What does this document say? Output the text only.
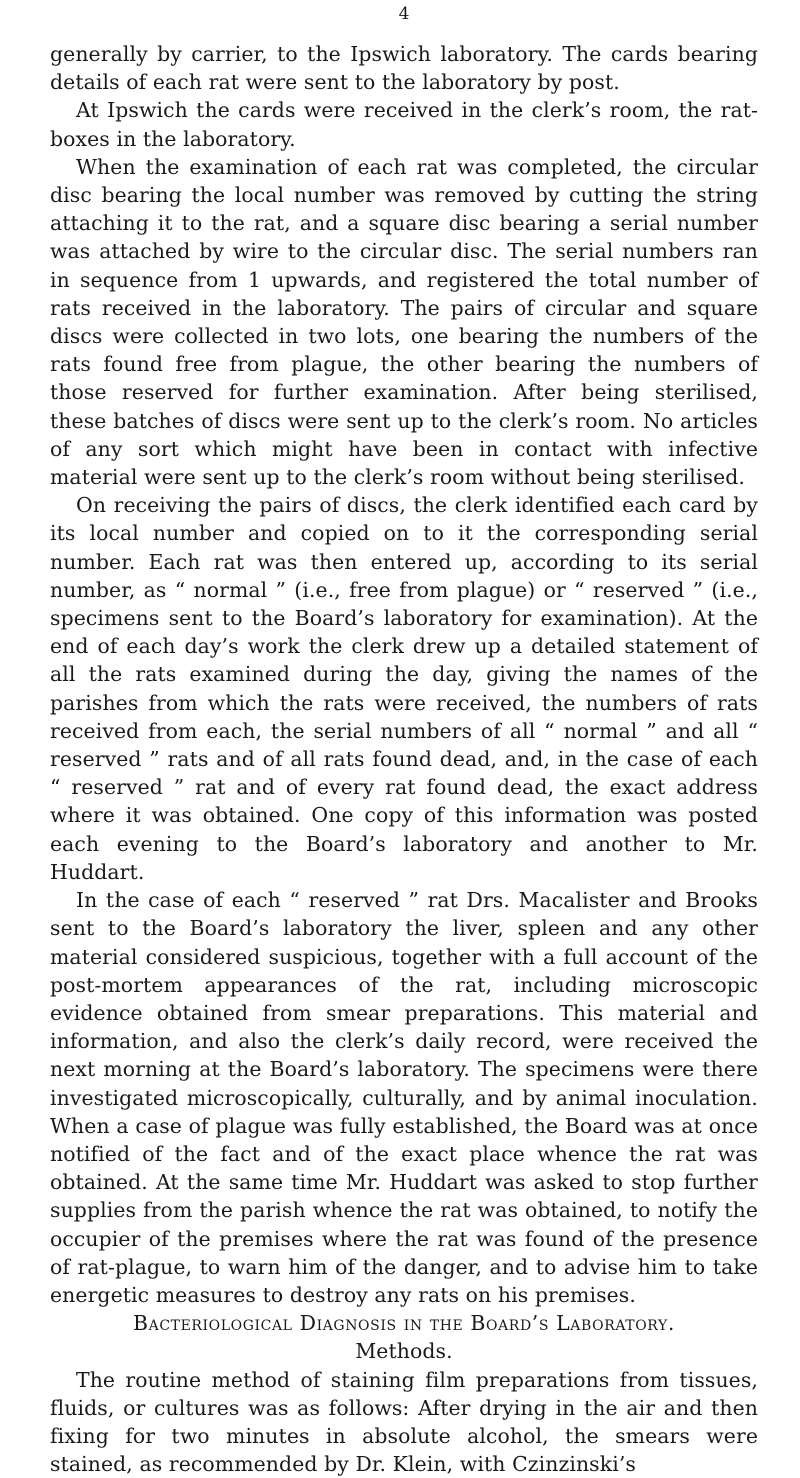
4

generally by carrier, to the Ipswich laboratory. The cards bearing details of each rat were sent to the laboratory by post.

At Ipswich the cards were received in the clerk’s room, the rat-boxes in the laboratory.

When the examination of each rat was completed, the circular disc bearing the local number was removed by cutting the string attaching it to the rat, and a square disc bearing a serial number was attached by wire to the circular disc. The serial numbers ran in sequence from 1 upwards, and registered the total number of rats received in the laboratory. The pairs of circular and square discs were collected in two lots, one bearing the numbers of the rats found free from plague, the other bearing the numbers of those reserved for further examination. After being sterilised, these batches of discs were sent up to the clerk’s room. No articles of any sort which might have been in contact with infective material were sent up to the clerk’s room without being sterilised.

On receiving the pairs of discs, the clerk identified each card by its local number and copied on to it the corresponding serial number. Each rat was then entered up, according to its serial number, as “ normal ” (i.e., free from plague) or “ reserved ” (i.e., specimens sent to the Board’s laboratory for examination). At the end of each day’s work the clerk drew up a detailed statement of all the rats examined during the day, giving the names of the parishes from which the rats were received, the numbers of rats received from each, the serial numbers of all “ normal ” and all “ reserved ” rats and of all rats found dead, and, in the case of each “ reserved ” rat and of every rat found dead, the exact address where it was obtained. One copy of this information was posted each evening to the Board’s laboratory and another to Mr. Huddart.

In the case of each “ reserved ” rat Drs. Macalister and Brooks sent to the Board’s laboratory the liver, spleen and any other material considered suspicious, together with a full account of the post-mortem appearances of the rat, including microscopic evidence obtained from smear preparations. This material and information, and also the clerk’s daily record, were received the next morning at the Board’s laboratory. The specimens were there investigated microscopically, culturally, and by animal inoculation. When a case of plague was fully established, the Board was at once notified of the fact and of the exact place whence the rat was obtained. At the same time Mr. Huddart was asked to stop further supplies from the parish whence the rat was obtained, to notify the occupier of the premises where the rat was found of the presence of rat-plague, to warn him of the danger, and to advise him to take energetic measures to destroy any rats on his premises.

Bacteriological Diagnosis in the Board’s Laboratory.

Methods.

The routine method of staining film preparations from tissues, fluids, or cultures was as follows: After drying in the air and then fixing for two minutes in absolute alcohol, the smears were stained, as recommended by Dr. Klein, with Czinzinski’s
